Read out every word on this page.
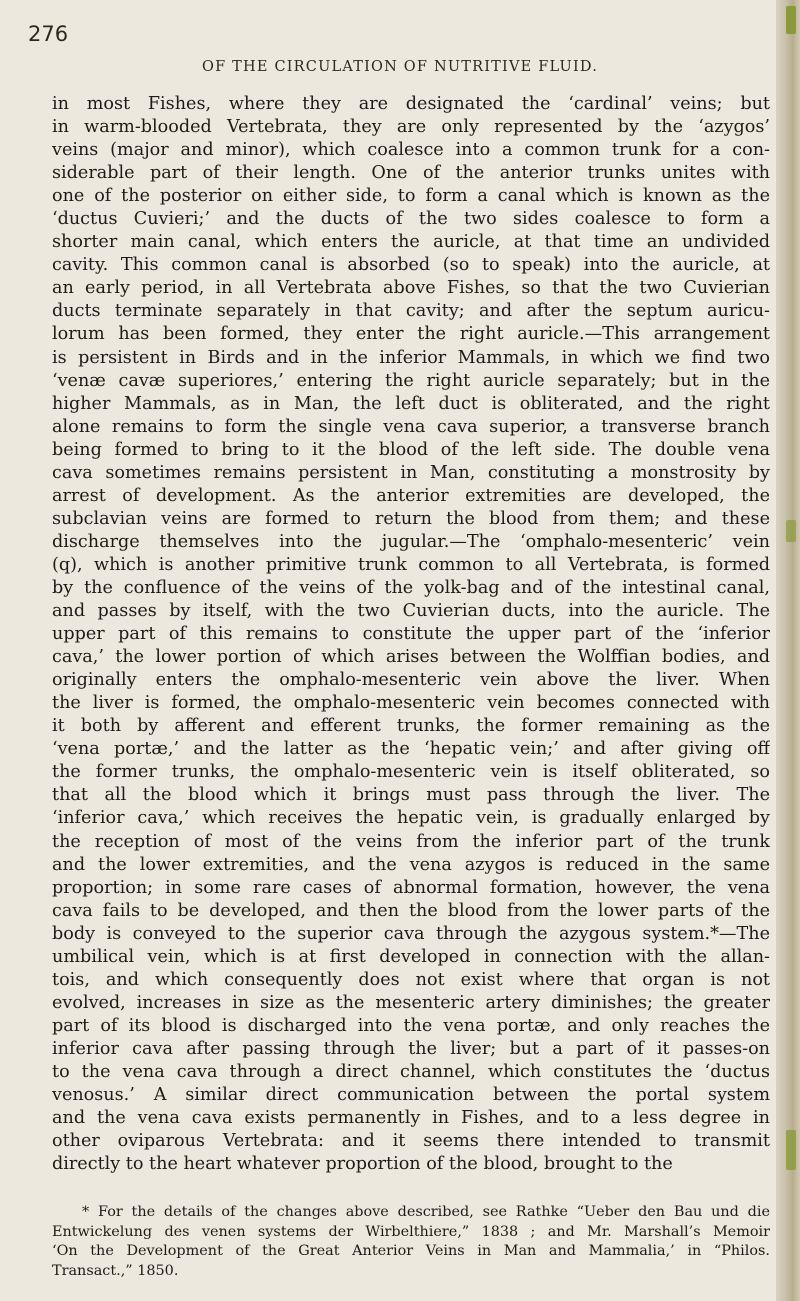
276
OF THE CIRCULATION OF NUTRITIVE FLUID.
in most Fishes, where they are designated the ‘cardinal’ veins; but
in warm-blooded Vertebrata, they are only represented by the ‘azygos’
veins (major and minor), which coalesce into a common trunk for a con-
siderable part of their length. One of the anterior trunks unites with
one of the posterior on either side, to form a canal which is known as the
‘ductus Cuvieri;’ and the ducts of the two sides coalesce to form a
shorter main canal, which enters the auricle, at that time an undivided
cavity. This common canal is absorbed (so to speak) into the auricle, at
an early period, in all Vertebrata above Fishes, so that the two Cuvierian
ducts terminate separately in that cavity; and after the septum auricu-
lorum has been formed, they enter the right auricle.—This arrangement
is persistent in Birds and in the inferior Mammals, in which we find two
‘venæ cavæ superiores,’ entering the right auricle separately; but in the
higher Mammals, as in Man, the left duct is obliterated, and the right
alone remains to form the single vena cava superior, a transverse branch
being formed to bring to it the blood of the left side. The double vena
cava sometimes remains persistent in Man, constituting a monstrosity by
arrest of development. As the anterior extremities are developed, the
subclavian veins are formed to return the blood from them; and these
discharge themselves into the jugular.—The ‘omphalo-mesenteric’ vein
(q), which is another primitive trunk common to all Vertebrata, is formed
by the confluence of the veins of the yolk-bag and of the intestinal canal,
and passes by itself, with the two Cuvierian ducts, into the auricle. The
upper part of this remains to constitute the upper part of the ‘inferior
cava,’ the lower portion of which arises between the Wolffian bodies, and
originally enters the omphalo-mesenteric vein above the liver. When
the liver is formed, the omphalo-mesenteric vein becomes connected with
it both by afferent and efferent trunks, the former remaining as the
‘vena portæ,’ and the latter as the ‘hepatic vein;’ and after giving off
the former trunks, the omphalo-mesenteric vein is itself obliterated, so
that all the blood which it brings must pass through the liver. The
‘inferior cava,’ which receives the hepatic vein, is gradually enlarged by
the reception of most of the veins from the inferior part of the trunk
and the lower extremities, and the vena azygos is reduced in the same
proportion; in some rare cases of abnormal formation, however, the vena
cava fails to be developed, and then the blood from the lower parts of the
body is conveyed to the superior cava through the azygous system.*—The
umbilical vein, which is at first developed in connection with the allan-
tois, and which consequently does not exist where that organ is not
evolved, increases in size as the mesenteric artery diminishes; the greater
part of its blood is discharged into the vena portæ, and only reaches the
inferior cava after passing through the liver; but a part of it passes-on
to the vena cava through a direct channel, which constitutes the ‘ductus
venosus.’ A similar direct communication between the portal system
and the vena cava exists permanently in Fishes, and to a less degree in
other oviparous Vertebrata: and it seems there intended to transmit
directly to the heart whatever proportion of the blood, brought to the
* For the details of the changes above described, see Rathke “Ueber den Bau und die
Entwickelung des venen systems der Wirbelthiere,” 1838 ; and Mr. Marshall’s Memoir
‘On the Development of the Great Anterior Veins in Man and Mammalia,’ in “Philos.
Transact.,” 1850.
